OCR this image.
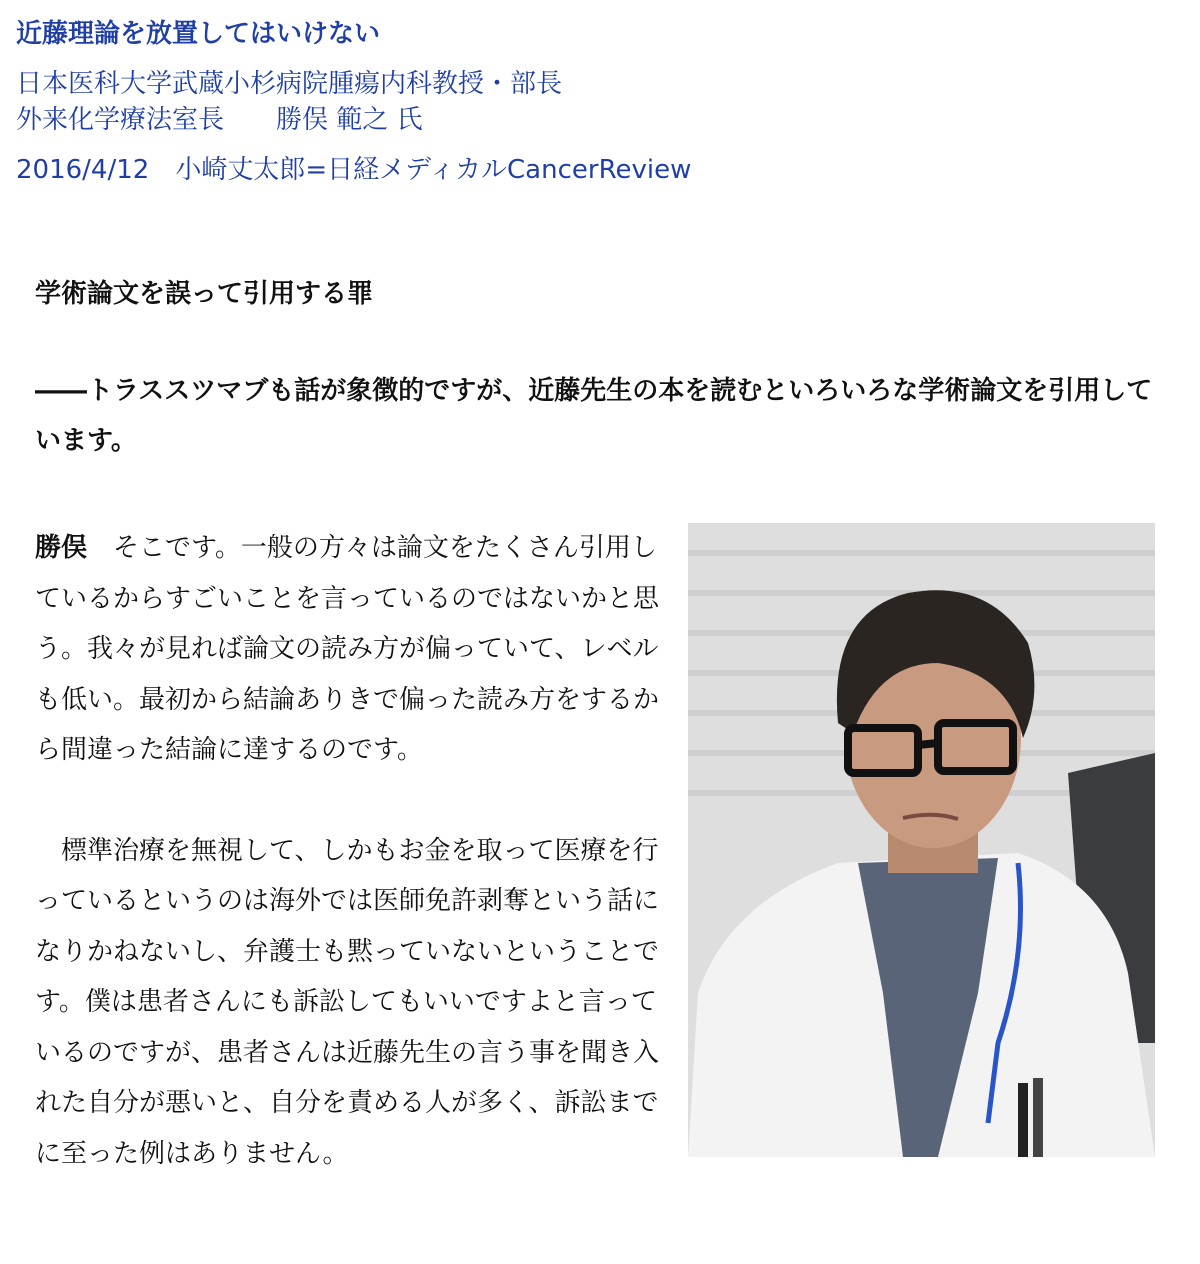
近藤理論を放置してはいけない
日本医科大学武蔵小杉病院腫瘍内科教授・部長
外来化学療法室長　　勝俣 範之 氏
2016/4/12　小崎丈太郎=日経メディカルCancerReview
学術論文を誤って引用する罪

――トラススツマブも話が象徴的ですが、近藤先生の本を読むといろいろな学術論文を引用しています。

勝俣 そこです。一般の方々は論文をたくさん引用しているからすごいことを言っているのではないかと思う。我々が見れば論文の読み方が偏っていて、レベルも低い。最初から結論ありきで偏った読み方をするから間違った結論に達するのです。

標準治療を無視して、しかもお金を取って医療を行っているというのは海外では医師免許剥奪という話になりかねないし、弁護士も黙っていないということです。僕は患者さんにも訴訟してもいいですよと言っているのですが、患者さんは近藤先生の言う事を聞き入れた自分が悪いと、自分を責める人が多く、訴訟までに至った例はありません。
